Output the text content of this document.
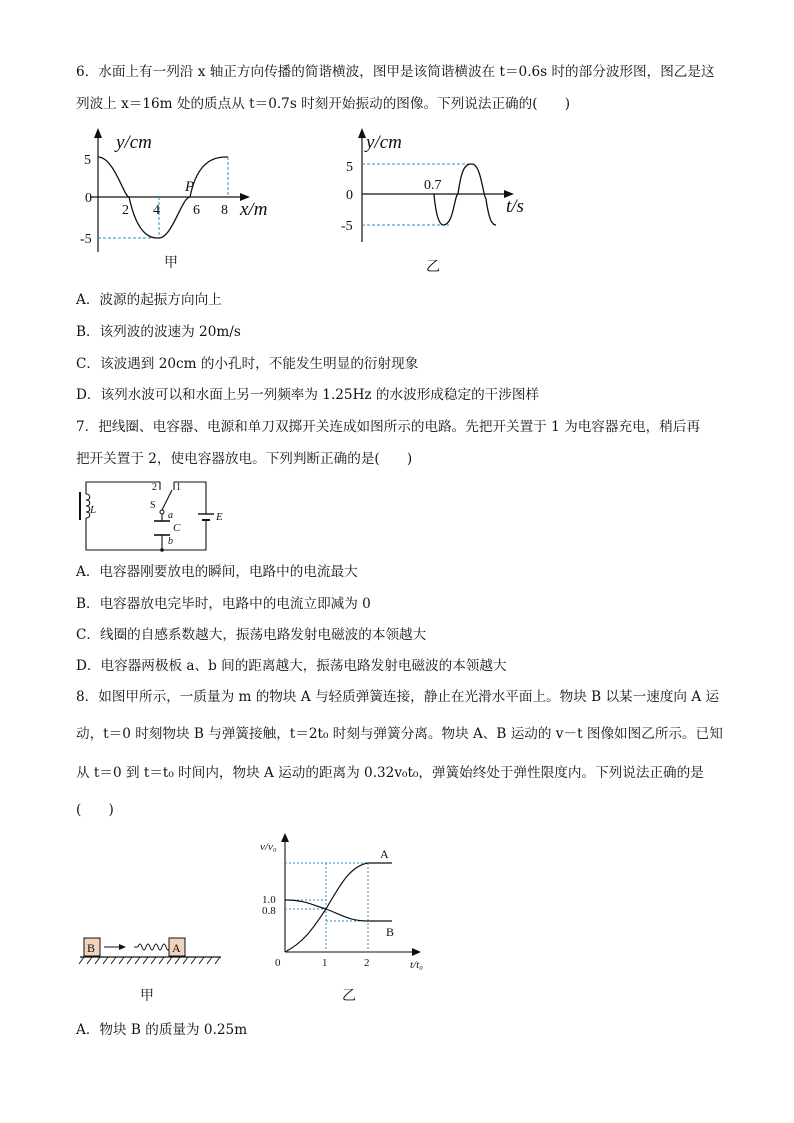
6．水面上有一列沿 x 轴正方向传播的简谐横波，图甲是该简谐横波在 t＝0.6s 时的部分波形图，图乙是这
列波上 x＝16m 处的质点从 t＝0.7s 时刻开始振动的图像。下列说法正确的(　　)
y/cm
5
0
-5
2 4 6 8
P
x/m
甲
y/cm
5
0
-5
0.7
t/s
乙
A．波源的起振方向向上
B．该列波的波速为 20m/s
C．该波遇到 20cm 的小孔时，不能发生明显的衍射现象
D．该列水波可以和水面上另一列频率为 1.25Hz 的水波形成稳定的干涉图样
7．把线圈、电容器、电源和单刀双掷开关连成如图所示的电路。先把开关置于 1 为电容器充电，稍后再
把开关置于 2，使电容器放电。下列判断正确的是(　　)
L
2 1
S
a
C
b
E
A．电容器刚要放电的瞬间，电路中的电流最大
B．电容器放电完毕时，电路中的电流立即减为 0
C．线圈的自感系数越大，振荡电路发射电磁波的本领越大
D．电容器两极板 a、b 间的距离越大，振荡电路发射电磁波的本领越大
8．如图甲所示，一质量为 m 的物块 A 与轻质弹簧连接，静止在光滑水平面上。物块 B 以某一速度向 A 运
动，t＝0 时刻物块 B 与弹簧接触，t＝2t₀ 时刻与弹簧分离。物块 A、B 运动的 v－t 图像如图乙所示。已知
从 t＝0 到 t＝t₀ 时间内，物块 A 运动的距离为 0.32v₀t₀，弹簧始终处于弹性限度内。下列说法正确的是
(　　)
B	A
甲
v/v₀
1.0
0.8
0	1	2	t/t₀
A
B
乙
A．物块 B 的质量为 0.25m
